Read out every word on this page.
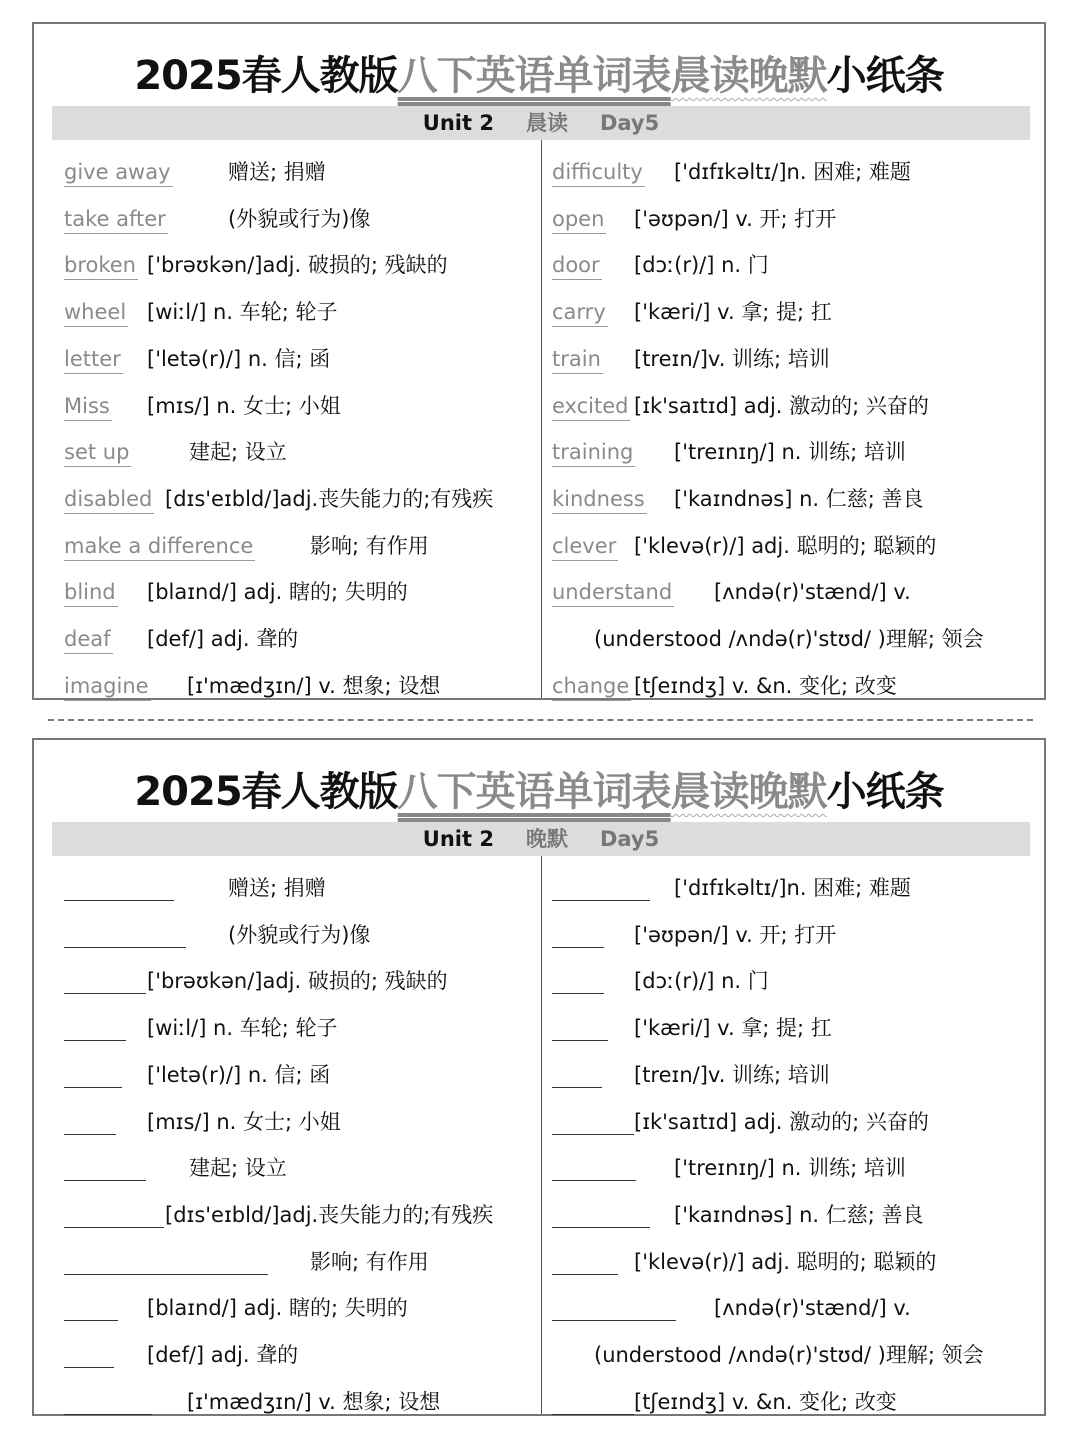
2025春人教版八下英语单词表晨读晚默小纸条
Unit 2 晨读 Day5
give away	赠送; 捐赠
take after	(外貌或行为)像
broken ['brəʊkən/]adj. 破损的; 残缺的
wheel [wiːl/] n. 车轮; 轮子
letter ['letə(r)/] n. 信; 函
Miss [mɪs/] n. 女士; 小姐
set up	建起; 设立
disabled [dɪs'eɪbld/]adj.丧失能力的;有残疾
make a difference	影响; 有作用
blind [blaɪnd/] adj. 瞎的; 失明的
deaf [def/] adj. 聋的
imagine [ɪ'mædʒɪn/] v. 想象; 设想
difficulty ['dɪfɪkəltɪ/]n. 困难; 难题
open ['əʊpən/] v. 开; 打开
door [dɔː(r)/] n. 门
carry ['kæri/] v. 拿; 提; 扛
train [treɪn/]v. 训练; 培训
excited [ɪk'saɪtɪd] adj. 激动的; 兴奋的
training ['treɪnɪŋ/] n. 训练; 培训
kindness ['kaɪndnəs] n. 仁慈; 善良
clever ['klevə(r)/] adj. 聪明的; 聪颖的
understand [ʌndə(r)'stænd/] v.
(understood /ʌndə(r)'stʊd/ )理解; 领会
change [tʃeɪndʒ] v. &n. 变化; 改变
2025春人教版八下英语单词表晨读晚默小纸条
Unit 2 晚默 Day5
赠送; 捐赠
(外貌或行为)像
['brəʊkən/]adj. 破损的; 残缺的
[wiːl/] n. 车轮; 轮子
['letə(r)/] n. 信; 函
[mɪs/] n. 女士; 小姐
建起; 设立
[dɪs'eɪbld/]adj.丧失能力的;有残疾
影响; 有作用
[blaɪnd/] adj. 瞎的; 失明的
[def/] adj. 聋的
[ɪ'mædʒɪn/] v. 想象; 设想
['dɪfɪkəltɪ/]n. 困难; 难题
['əʊpən/] v. 开; 打开
[dɔː(r)/] n. 门
['kæri/] v. 拿; 提; 扛
[treɪn/]v. 训练; 培训
[ɪk'saɪtɪd] adj. 激动的; 兴奋的
['treɪnɪŋ/] n. 训练; 培训
['kaɪndnəs] n. 仁慈; 善良
['klevə(r)/] adj. 聪明的; 聪颖的
[ʌndə(r)'stænd/] v.
(understood /ʌndə(r)'stʊd/ )理解; 领会
[tʃeɪndʒ] v. &n. 变化; 改变
